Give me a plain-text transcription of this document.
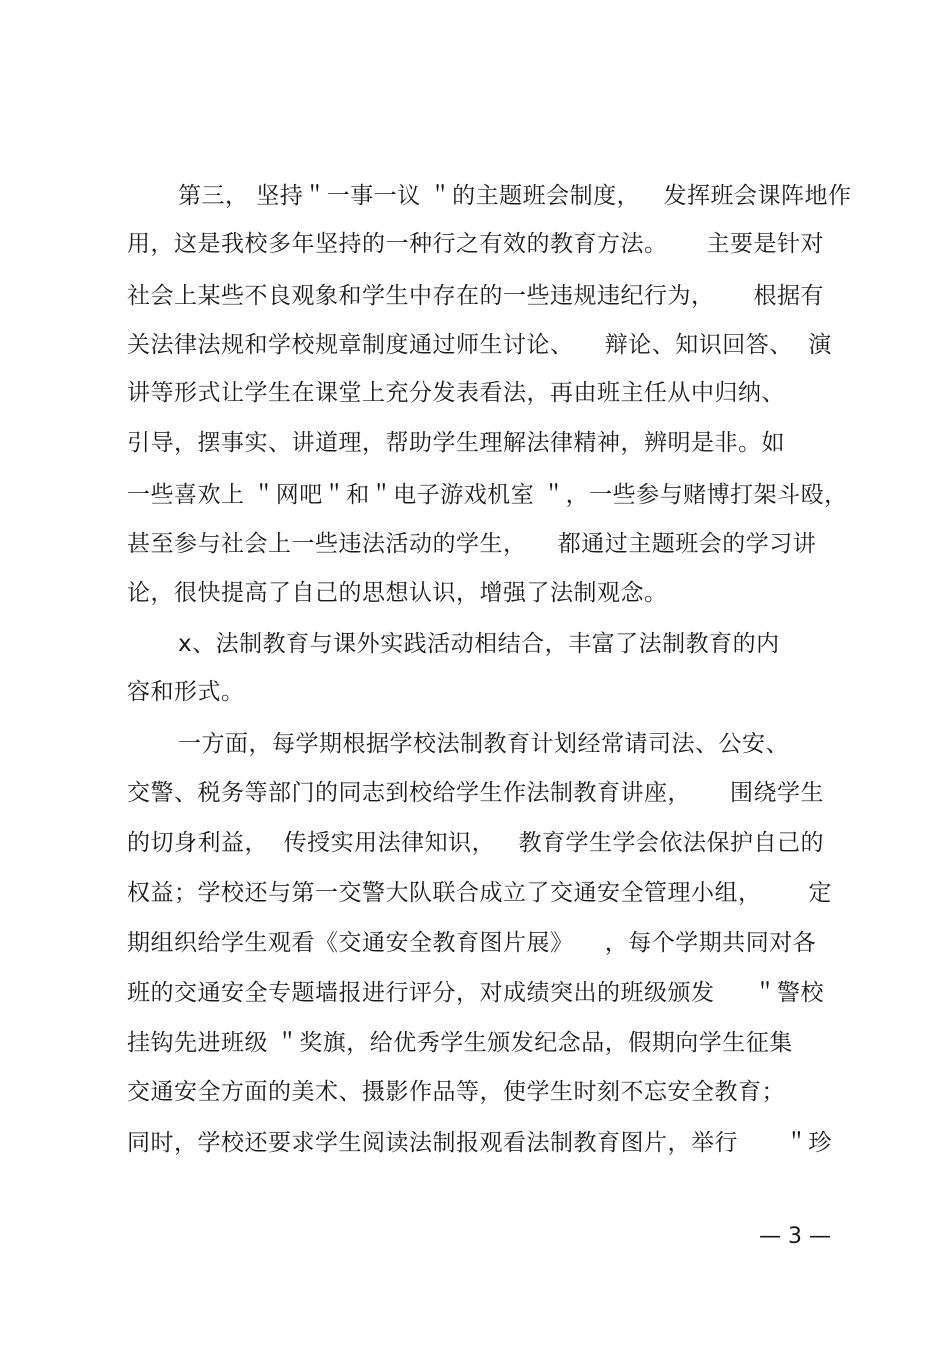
第三， 坚持＂一事一议 ＂的主题班会制度，   发挥班会课阵地作
用，这是我校多年坚持的一种行之有效的教育方法。     主要是针对
社会上某些不良观象和学生中存在的一些违规违纪行为，     根据有
关法律法规和学校规章制度通过师生讨论、    辩论、知识回答、  演
讲等形式让学生在课堂上充分发表看法，再由班主任从中归纳、
引导，摆事实、讲道理，帮助学生理解法律精神，辨明是非。如
一些喜欢上 ＂网吧＂和＂电子游戏机室 ＂，一些参与赌博打架斗殴，
甚至参与社会上一些违法活动的学生，    都通过主题班会的学习讲
论，很快提高了自己的思想认识，增强了法制观念。
x、法制教育与课外实践活动相结合，丰富了法制教育的内
容和形式。
一方面，每学期根据学校法制教育计划经常请司法、公安、
交警、税务等部门的同志到校给学生作法制教育讲座，     围绕学生
的切身利益，  传授实用法律知识，   教育学生学会依法保护自己的
权益；学校还与第一交警大队联合成立了交通安全管理小组，      定
期组织给学生观看《交通安全教育图片展》    ，每个学期共同对各
班的交通安全专题墙报进行评分，对成绩突出的班级颁发     ＂警校
挂钩先进班级 ＂奖旗，给优秀学生颁发纪念品，假期向学生征集
交通安全方面的美术、摄影作品等，使学生时刻不忘安全教育；
同时，学校还要求学生阅读法制报观看法制教育图片，举行      ＂珍
— 3 —
